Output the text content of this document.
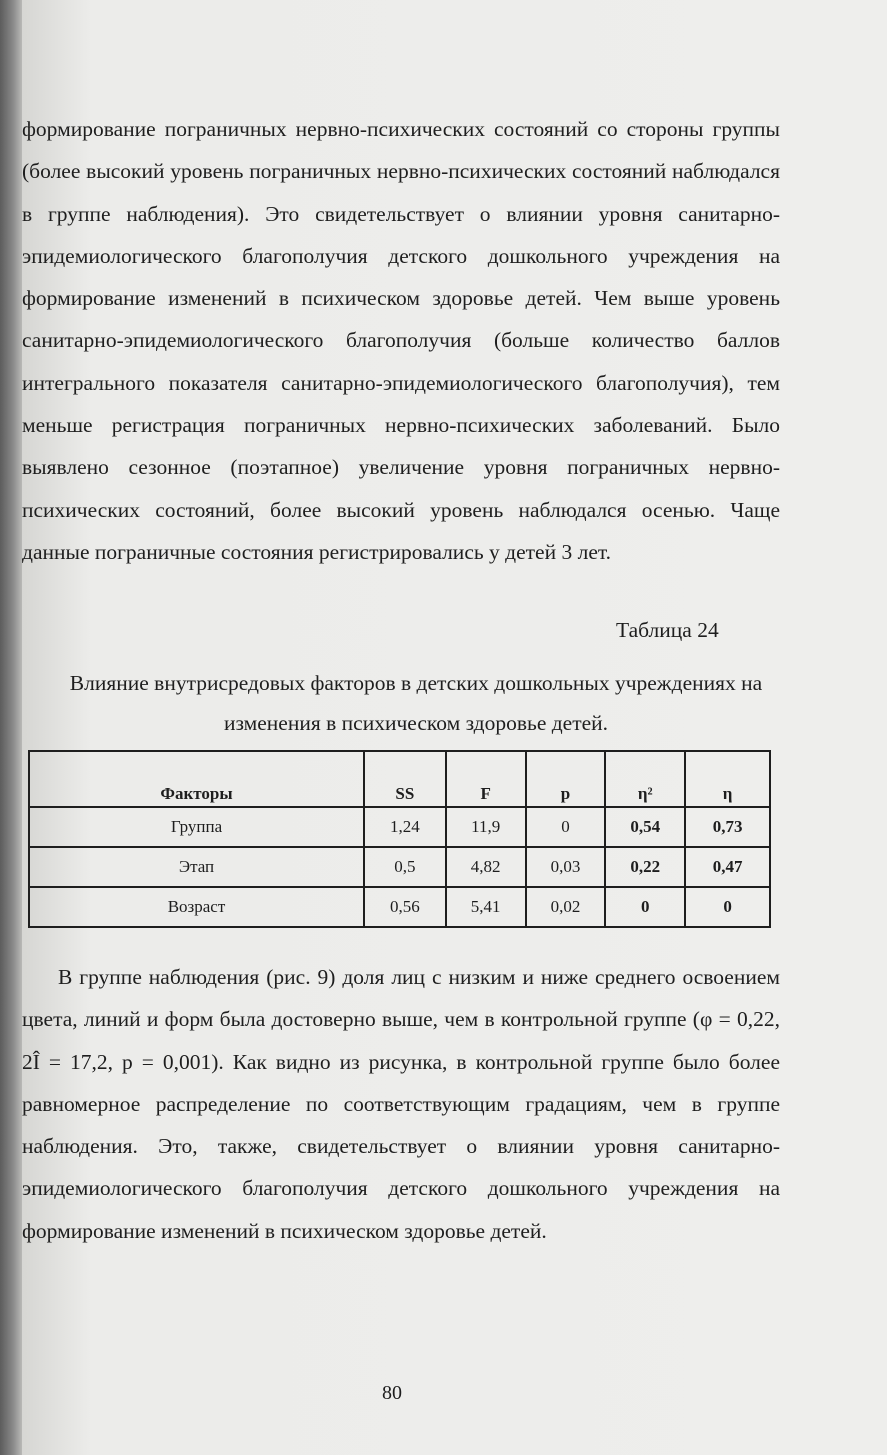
формирование пограничных нервно-психических состояний со стороны группы (более высокий уровень пограничных нервно-психических состояний наблюдался в группе наблюдения). Это свидетельствует о влиянии уровня санитарно-эпидемиологического благополучия детского дошкольного учреждения на формирование изменений в психическом здоровье детей. Чем выше уровень санитарно-эпидемиологического благополучия (больше количество баллов интегрального показателя санитарно-эпидемиологического благополучия), тем меньше регистрация пограничных нервно-психических заболеваний. Было выявлено сезонное (поэтапное) увеличение уровня пограничных нервно-психических состояний, более высокий уровень наблюдался осенью. Чаще данные пограничные состояния регистрировались у детей 3 лет.

Таблица 24
Влияние внутрисредовых факторов в детских дошкольных учреждениях на изменения в психическом здоровье детей.
Факторы	SS	F	p	η²	η
Группа	1,24	11,9	0	0,54	0,73
Этап	0,5	4,82	0,03	0,22	0,47
Возраст	0,56	5,41	0,02	0	0

В группе наблюдения (рис. 9) доля лиц с низким и ниже среднего освоением цвета, линий и форм была достоверно выше, чем в контрольной группе (φ = 0,22, 2Î = 17,2, р = 0,001). Как видно из рисунка, в контрольной группе было более равномерное распределение по соответствующим градациям, чем в группе наблюдения. Это, также, свидетельствует о влиянии уровня санитарно-эпидемиологического благополучия детского дошкольного учреждения на формирование изменений в психическом здоровье детей.

80
